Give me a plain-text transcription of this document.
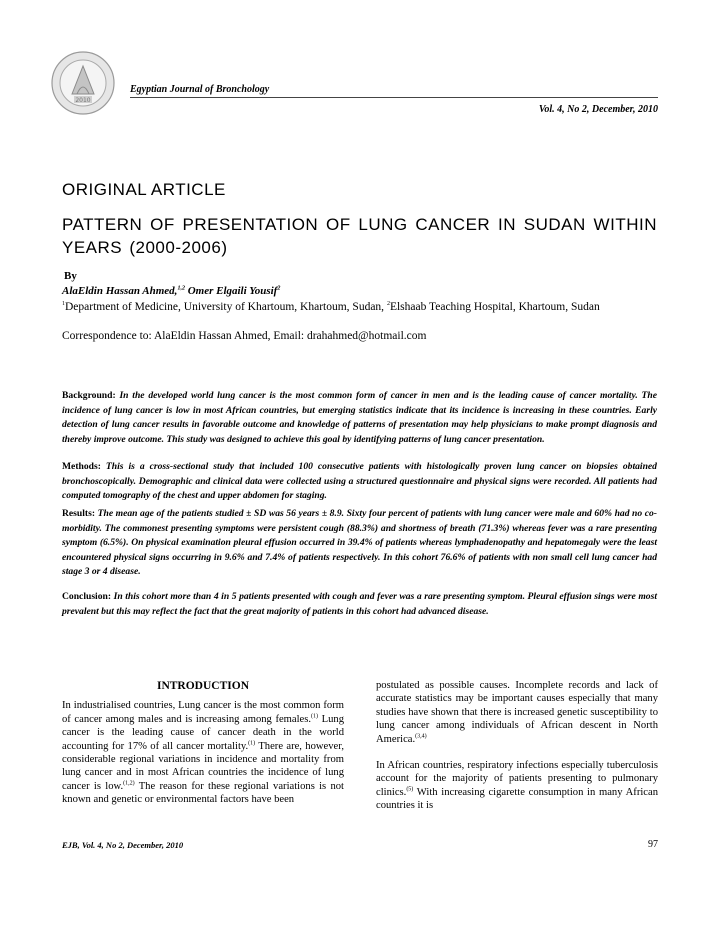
2010
Egyptian Journal of Bronchology
Vol. 4, No 2, December, 2010
ORIGINAL ARTICLE
PATTERN OF PRESENTATION OF LUNG CANCER IN SUDAN WITHIN YEARS (2000-2006)
By
AlaEldin Hassan Ahmed,$^{1,2}$ Omer Elgaili Yousif$^2$
$^1$Department of Medicine, University of Khartoum, Khartoum, Sudan, $^2$Elshaab Teaching Hospital, Khartoum, Sudan
Correspondence to: AlaEldin Hassan Ahmed, Email: drahahmed@hotmail.com
Background: In the developed world lung cancer is the most common form of cancer in men and is the leading cause of cancer mortality. The incidence of lung cancer is low in most African countries, but emerging statistics indicate that its incidence is increasing in these countries. Early detection of lung cancer results in favorable outcome and knowledge of patterns of presentation may help physicians to make prompt diagnosis and thereby improve outcome. This study was designed to achieve this goal by identifying patterns of lung cancer presentation.
Methods: This is a cross-sectional study that included 100 consecutive patients with histologically proven lung cancer on biopsies obtained bronchoscopically. Demographic and clinical data were collected using a structured questionnaire and physical signs were recorded. All patients had computed tomography of the chest and upper abdomen for staging.
Results: The mean age of the patients studied ± SD was 56 years ± 8.9. Sixty four percent of patients with lung cancer were male and 60% had no co-morbidity. The commonest presenting symptoms were persistent cough (88.3%) and shortness of breath (71.3%) whereas fever was a rare presenting symptom (6.5%). On physical examination pleural effusion occurred in 39.4% of patients whereas lymphadenopathy and hepatomegaly were the least encountered physical signs occurring in 9.6% and 7.4% of patients respectively. In this cohort 76.6% of patients with non small cell lung cancer had stage 3 or 4 disease.
Conclusion: In this cohort more than 4 in 5 patients presented with cough and fever was a rare presenting symptom. Pleural effusion sings were most prevalent but this may reflect the fact that the great majority of patients in this cohort had advanced disease.

INTRODUCTION

In industrialised countries, Lung cancer is the most common form of cancer among males and is increasing among females.$^{(1)}$ Lung cancer is the leading cause of cancer death in the world accounting for 17% of all cancer mortality.$^{(1)}$ There are, however, considerable regional variations in incidence and mortality from lung cancer and in most African countries the incidence of lung cancer is low.$^{(1,2)}$ The reason for these regional variations is not known and genetic or environmental factors have been

postulated as possible causes. Incomplete records and lack of accurate statistics may be important causes especially that many studies have shown that there is increased genetic susceptibility to lung cancer among individuals of African descent in North America.$^{(3,4)}$

In African countries, respiratory infections especially tuberculosis account for the majority of patients presenting to pulmonary clinics.$^{(5)}$ With increasing cigarette consumption in many African countries it is

EJB, Vol. 4, No 2, December, 2010	97
